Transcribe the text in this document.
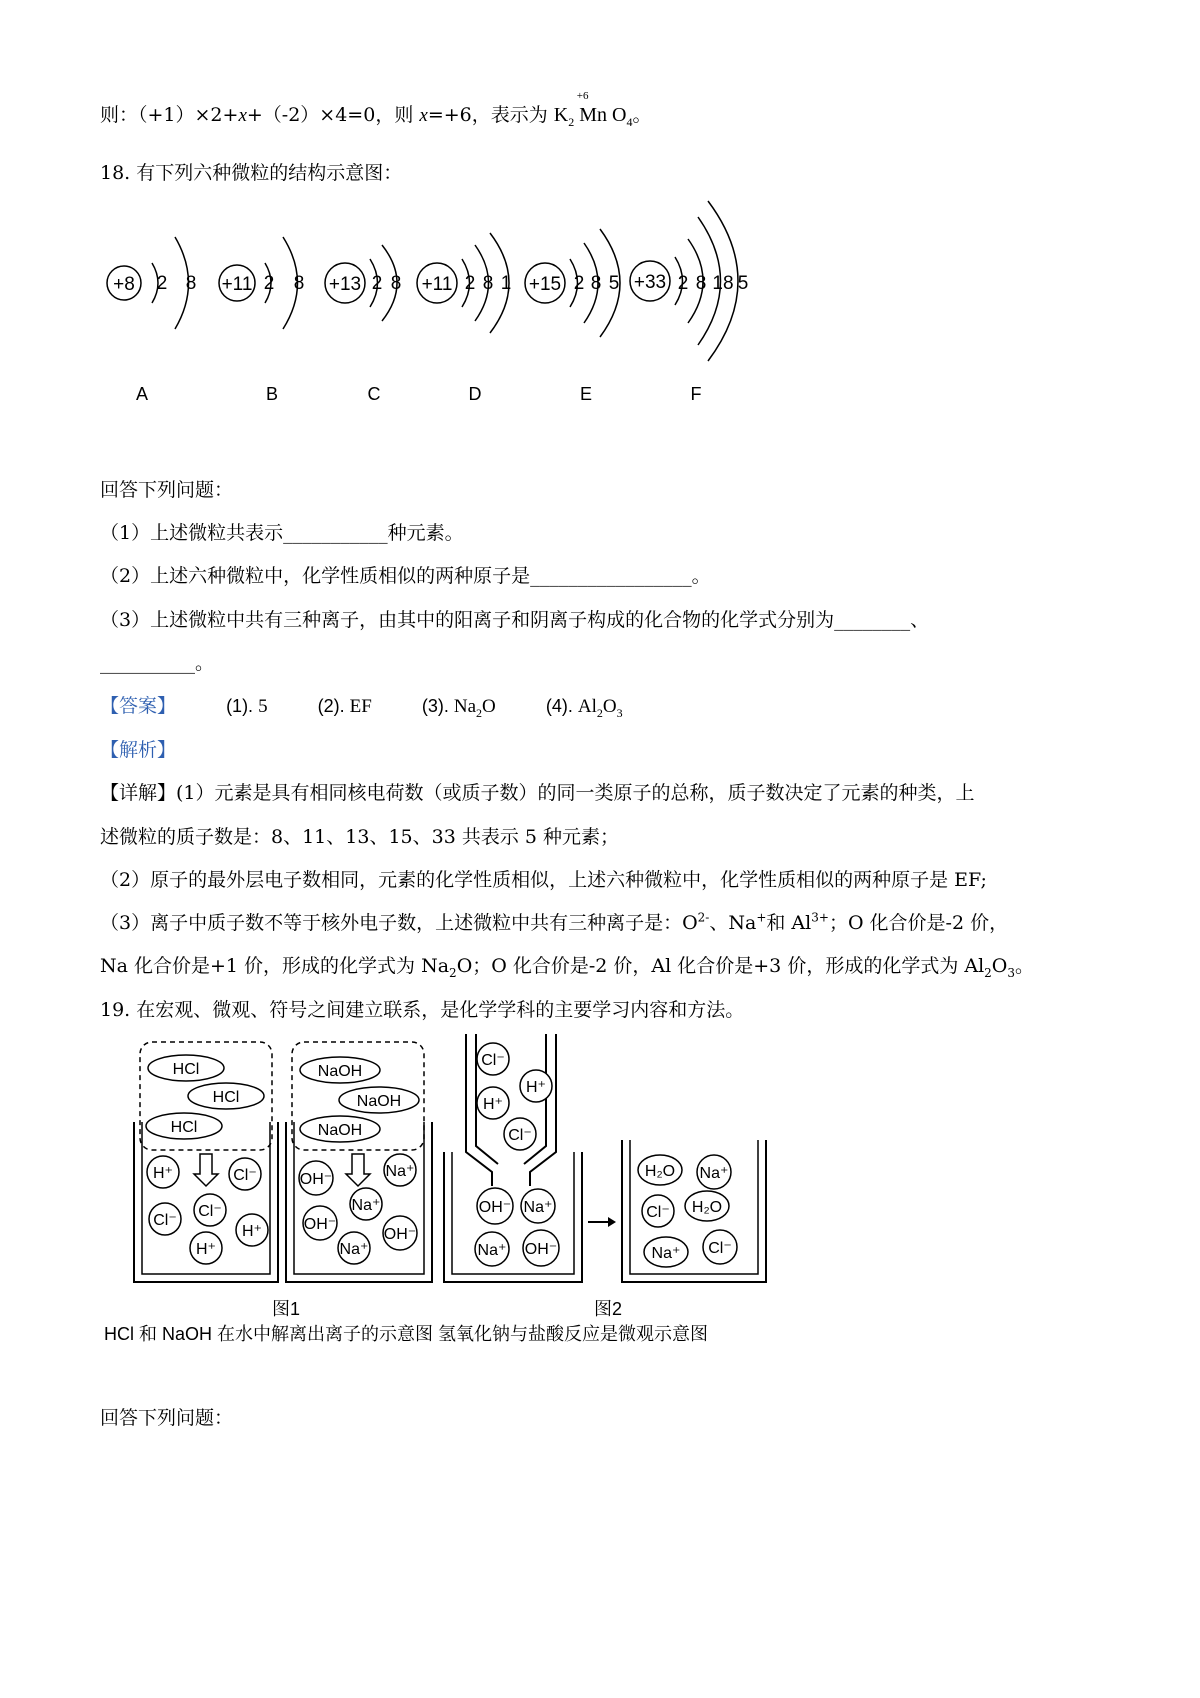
则：（+1）×2+x+（-2）×4=0，则 x=+6，表示为
+6
$K_2$ Mn $O_4$。
18. 有下列六种微粒的结构示意图：
+8 2 8 +11 2 8 +13 2 8 +11 2 8 1 +15 2 8 5 +33 2 8 18 5
A	B	C	D	E	F
回答下列问题：
（1）上述微粒共表示___________种元素。
（2）上述六种微粒中，化学性质相似的两种原子是_________________。
（3）上述微粒中共有三种离子，由其中的阳离子和阴离子构成的化合物的化学式分别为________、
__________。
【答案】	(1). 5	(2). EF	(3). $Na_2O$	(4). $Al_2O_3$
【解析】
【详解】(1）元素是具有相同核电荷数（或质子数）的同一类原子的总称，质子数决定了元素的种类，上
述微粒的质子数是：8、11、13、15、33 共表示 5 种元素；
（2）原子的最外层电子数相同，元素的化学性质相似，上述六种微粒中，化学性质相似的两种原子是 EF;
（3）离子中质子数不等于核外电子数，上述微粒中共有三种离子是：$O^{2-}$、Na+和 $Al^{3+}$；O 化合价是-2 价，
Na 化合价是+1 价，形成的化学式为 $Na_2O$；O 化合价是-2 价，Al 化合价是+3 价，形成的化学式为 $Al_2O_3$。
19. 在宏观、微观、符号之间建立联系，是化学学科的主要学习内容和方法。
HCl
HCl
HCl
NaOH
NaOH
NaOH
H⁺	Cl⁻
Cl⁻
Cl⁻
H⁺
H⁺
OH⁻	Na⁺
Na⁺
OH⁻
OH⁻
Na⁺
Cl⁻
H⁺
H⁺
Cl⁻
OH⁻ Na⁺
Na⁺ OH⁻
H₂O Na⁺
Cl⁻ H₂O
Na⁺ Cl⁻
图1	图2
HCl 和 NaOH 在水中解离出离子的示意图 氢氧化钠与盐酸反应是微观示意图
回答下列问题：
